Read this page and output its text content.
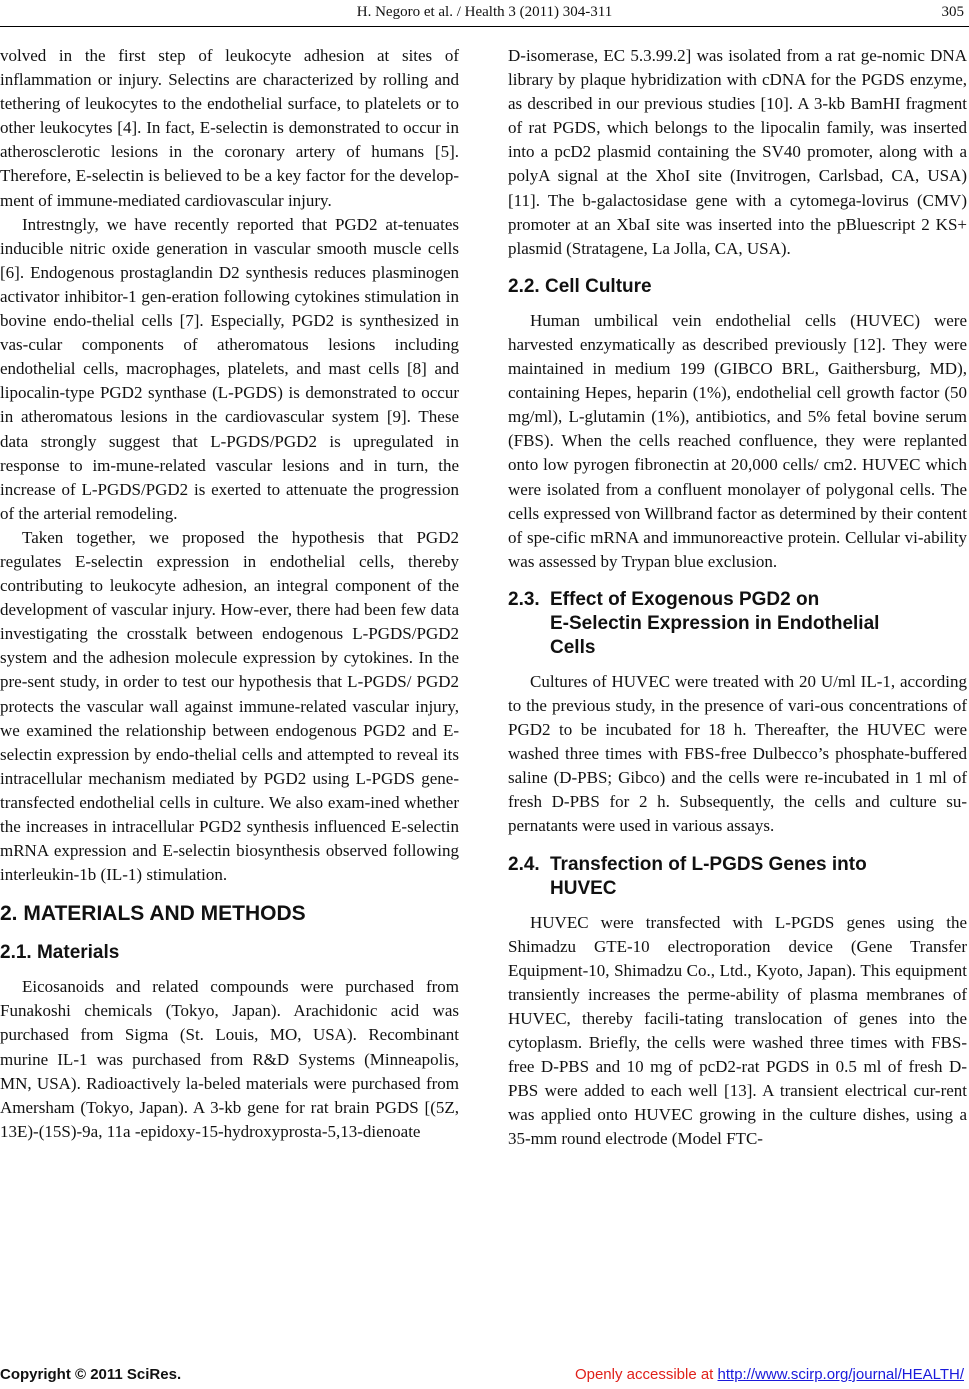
H. Negoro et al. / Health 3 (2011) 304-311	305

volved in the first step of leukocyte adhesion at sites of inflammation or injury. Selectins are characterized by rolling and tethering of leukocytes to the endothelial surface, to platelets or to other leukocytes [4]. In fact, E-selectin is demonstrated to occur in atherosclerotic lesions in the coronary artery of humans [5]. Therefore, E-selectin is believed to be a key factor for the develop-ment of immune-mediated cardiovascular injury.

Intrestngly, we have recently reported that PGD2 at-tenuates inducible nitric oxide generation in vascular smooth muscle cells [6]. Endogenous prostaglandin D2 synthesis reduces plasminogen activator inhibitor-1 gen-eration following cytokines stimulation in bovine endo-thelial cells [7]. Especially, PGD2 is synthesized in vas-cular components of atheromatous lesions including endothelial cells, macrophages, platelets, and mast cells [8] and lipocalin-type PGD2 synthase (L-PGDS) is demonstrated to occur in atheromatous lesions in the cardiovascular system [9]. These data strongly suggest that L-PGDS/PGD2 is upregulated in response to im-mune-related vascular lesions and in turn, the increase of L-PGDS/PGD2 is exerted to attenuate the progression of the arterial remodeling.

Taken together, we proposed the hypothesis that PGD2 regulates E-selectin expression in endothelial cells, thereby contributing to leukocyte adhesion, an integral component of the development of vascular injury. How-ever, there had been few data investigating the crosstalk between endogenous L-PGDS/PGD2 system and the adhesion molecule expression by cytokines. In the pre-sent study, in order to test our hypothesis that L-PGDS/ PGD2 protects the vascular wall against immune-related vascular injury, we examined the relationship between endogenous PGD2 and E-selectin expression by endo-thelial cells and attempted to reveal its intracellular mechanism mediated by PGD2 using L-PGDS gene-transfected endothelial cells in culture. We also exam-ined whether the increases in intracellular PGD2 synthesis influenced E-selectin mRNA expression and E-selectin biosynthesis observed following interleukin-1b (IL-1) stimulation.

2. MATERIALS AND METHODS
2.1. Materials

Eicosanoids and related compounds were purchased from Funakoshi chemicals (Tokyo, Japan). Arachidonic acid was purchased from Sigma (St. Louis, MO, USA). Recombinant murine IL-1 was purchased from R&D Systems (Minneapolis, MN, USA). Radioactively la-beled materials were purchased from Amersham (Tokyo, Japan). A 3-kb gene for rat brain PGDS [(5Z, 13E)-(15S)-9a, 11a -epidoxy-15-hydroxyprosta-5,13-dienoate

D-isomerase, EC 5.3.99.2] was isolated from a rat ge-nomic DNA library by plaque hybridization with cDNA for the PGDS enzyme, as described in our previous studies [10]. A 3-kb BamHI fragment of rat PGDS, which belongs to the lipocalin family, was inserted into a pcD2 plasmid containing the SV40 promoter, along with a polyA signal at the XhoI site (Invitrogen, Carlsbad, CA, USA) [11]. The b-galactosidase gene with a cytomega-lovirus (CMV) promoter at an XbaI site was inserted into the pBluescript 2 KS+ plasmid (Stratagene, La Jolla, CA, USA).

2.2. Cell Culture

Human umbilical vein endothelial cells (HUVEC) were harvested enzymatically as described previously [12]. They were maintained in medium 199 (GIBCO BRL, Gaithersburg, MD), containing Hepes, heparin (1%), endothelial cell growth factor (50 mg/ml), L-glutamin (1%), antibiotics, and 5% fetal bovine serum (FBS). When the cells reached confluence, they were replanted onto low pyrogen fibronectin at 20,000 cells/ cm2. HUVEC which were isolated from a confluent monolayer of polygonal cells. The cells expressed von Willbrand factor as determined by their content of spe-cific mRNA and immunoreactive protein. Cellular vi-ability was assessed by Trypan blue exclusion.

2.3. Effect of Exogenous PGD2 on
E-Selectin Expression in Endothelial
Cells

Cultures of HUVEC were treated with 20 U/ml IL-1, according to the previous study, in the presence of vari-ous concentrations of PGD2 to be incubated for 18 h. Thereafter, the HUVEC were washed three times with FBS-free Dulbecco’s phosphate-buffered saline (D-PBS; Gibco) and the cells were re-incubated in 1 ml of fresh D-PBS for 2 h. Subsequently, the cells and culture su-pernatants were used in various assays.

2.4. Transfection of L-PGDS Genes into
HUVEC

HUVEC were transfected with L-PGDS genes using the Shimadzu GTE-10 electroporation device (Gene Transfer Equipment-10, Shimadzu Co., Ltd., Kyoto, Japan). This equipment transiently increases the perme-ability of plasma membranes of HUVEC, thereby facili-tating translocation of genes into the cytoplasm. Briefly, the cells were washed three times with FBS-free D-PBS and 10 mg of pcD2-rat PGDS in 0.5 ml of fresh D-PBS were added to each well [13]. A transient electrical cur-rent was applied onto HUVEC growing in the culture dishes, using a 35-mm round electrode (Model FTC-

Copyright © 2011 SciRes.	Openly accessible at http://www.scirp.org/journal/HEALTH/
